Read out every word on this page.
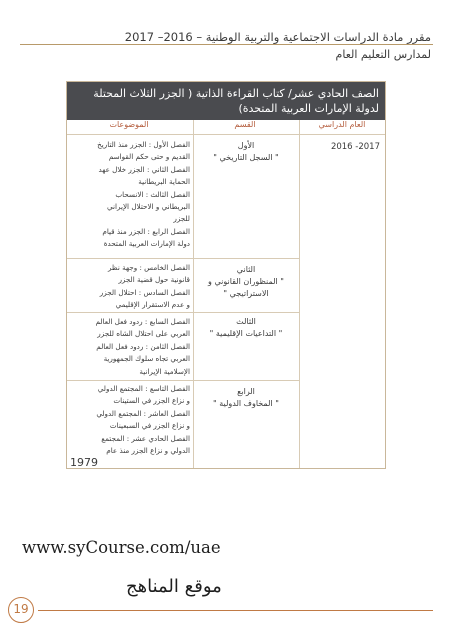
مقرر مادة الدراسات الاجتماعية والتربية الوطنية – 2016– 2017
لمدارس التعليم العام
الصف الحادي عشر/ كتاب القراءة الذاتية ( الجزر الثلاث المحتلة لدولة الإمارات العربية المتحدة)
العام الدراسي
القسم
الموضوعات
2016 -2017
الأول
" السجل التاريخي "
الفصل الأول : الجزر منذ التاريخ
القديم و حتى حكم القواسم
الفصل الثاني : الجزر خلال عهد
الحماية البريطانية
الفصل الثالث : الانسحاب
البريطاني و الاحتلال الإيراني
للجزر
الفصل الرابع : الجزر منذ قيام
دولة الإمارات العربية المتحدة
الثاني
" المنظوران القانوني و
الاستراتيجي "
الفصل الخامس : وجهة نظر
قانونية حول قضية الجزر
الفصل السادس : احتلال الجزر
و عدم الاستقرار الإقليمي
الثالث
" التداعيات الإقليمية "
الفصل السابع : ردود فعل العالم
العربي على احتلال الشاه للجزر
الفصل الثامن : ردود فعل العالم
العربي تجاه سلوك الجمهورية
الإسلامية الإيرانية
الرابع
" المخاوف الدولية "
الفصل التاسع : المجتمع الدولي
و نزاع الجزر في الستينات
الفصل العاشر : المجتمع الدولي
و نزاع الجزر في السبعينات
الفصل الحادي عشر : المجتمع
الدولي و نزاع الجزر منذ عام
1979
www.syCourse.com/uae
موقع المناهج
19
